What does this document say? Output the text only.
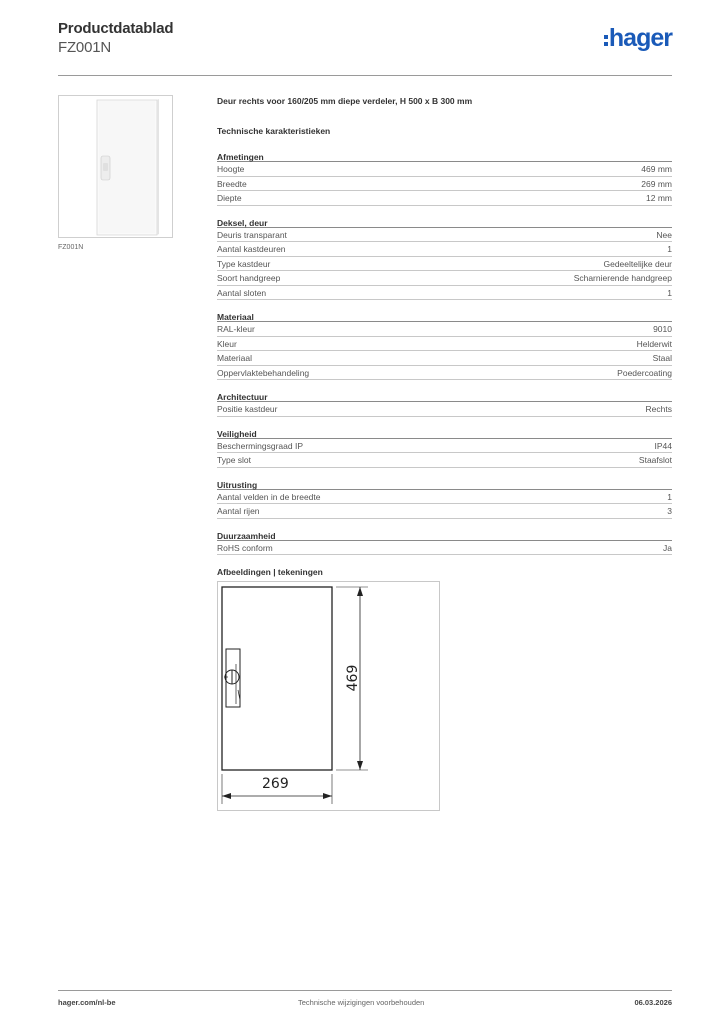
Productdatablad
FZ001N	hager
FZ001N
Deur rechts voor 160/205 mm diepe verdeler, H 500 x B 300 mm
Technische karakteristieken
Afmetingen
Hoogte	469 mm
Breedte	269 mm
Diepte	12 mm
Deksel, deur
Deuris transparant	Nee
Aantal kastdeuren	1
Type kastdeur	Gedeeltelijke deur
Soort handgreep	Scharnierende handgreep
Aantal sloten	1
Materiaal
RAL-kleur	9010
Kleur	Helderwit
Materiaal	Staal
Oppervlaktebehandeling	Poedercoating
Architectuur
Positie kastdeur	Rechts
Veiligheid
Beschermingsgraad IP	IP44
Type slot	Staafslot
Uitrusting
Aantal velden in de breedte	1
Aantal rijen	3
Duurzaamheid
RoHS conform	Ja
Afbeeldingen | tekeningen
469
269
hager.com/nl-be	Technische wijzigingen voorbehouden	06.03.2026
